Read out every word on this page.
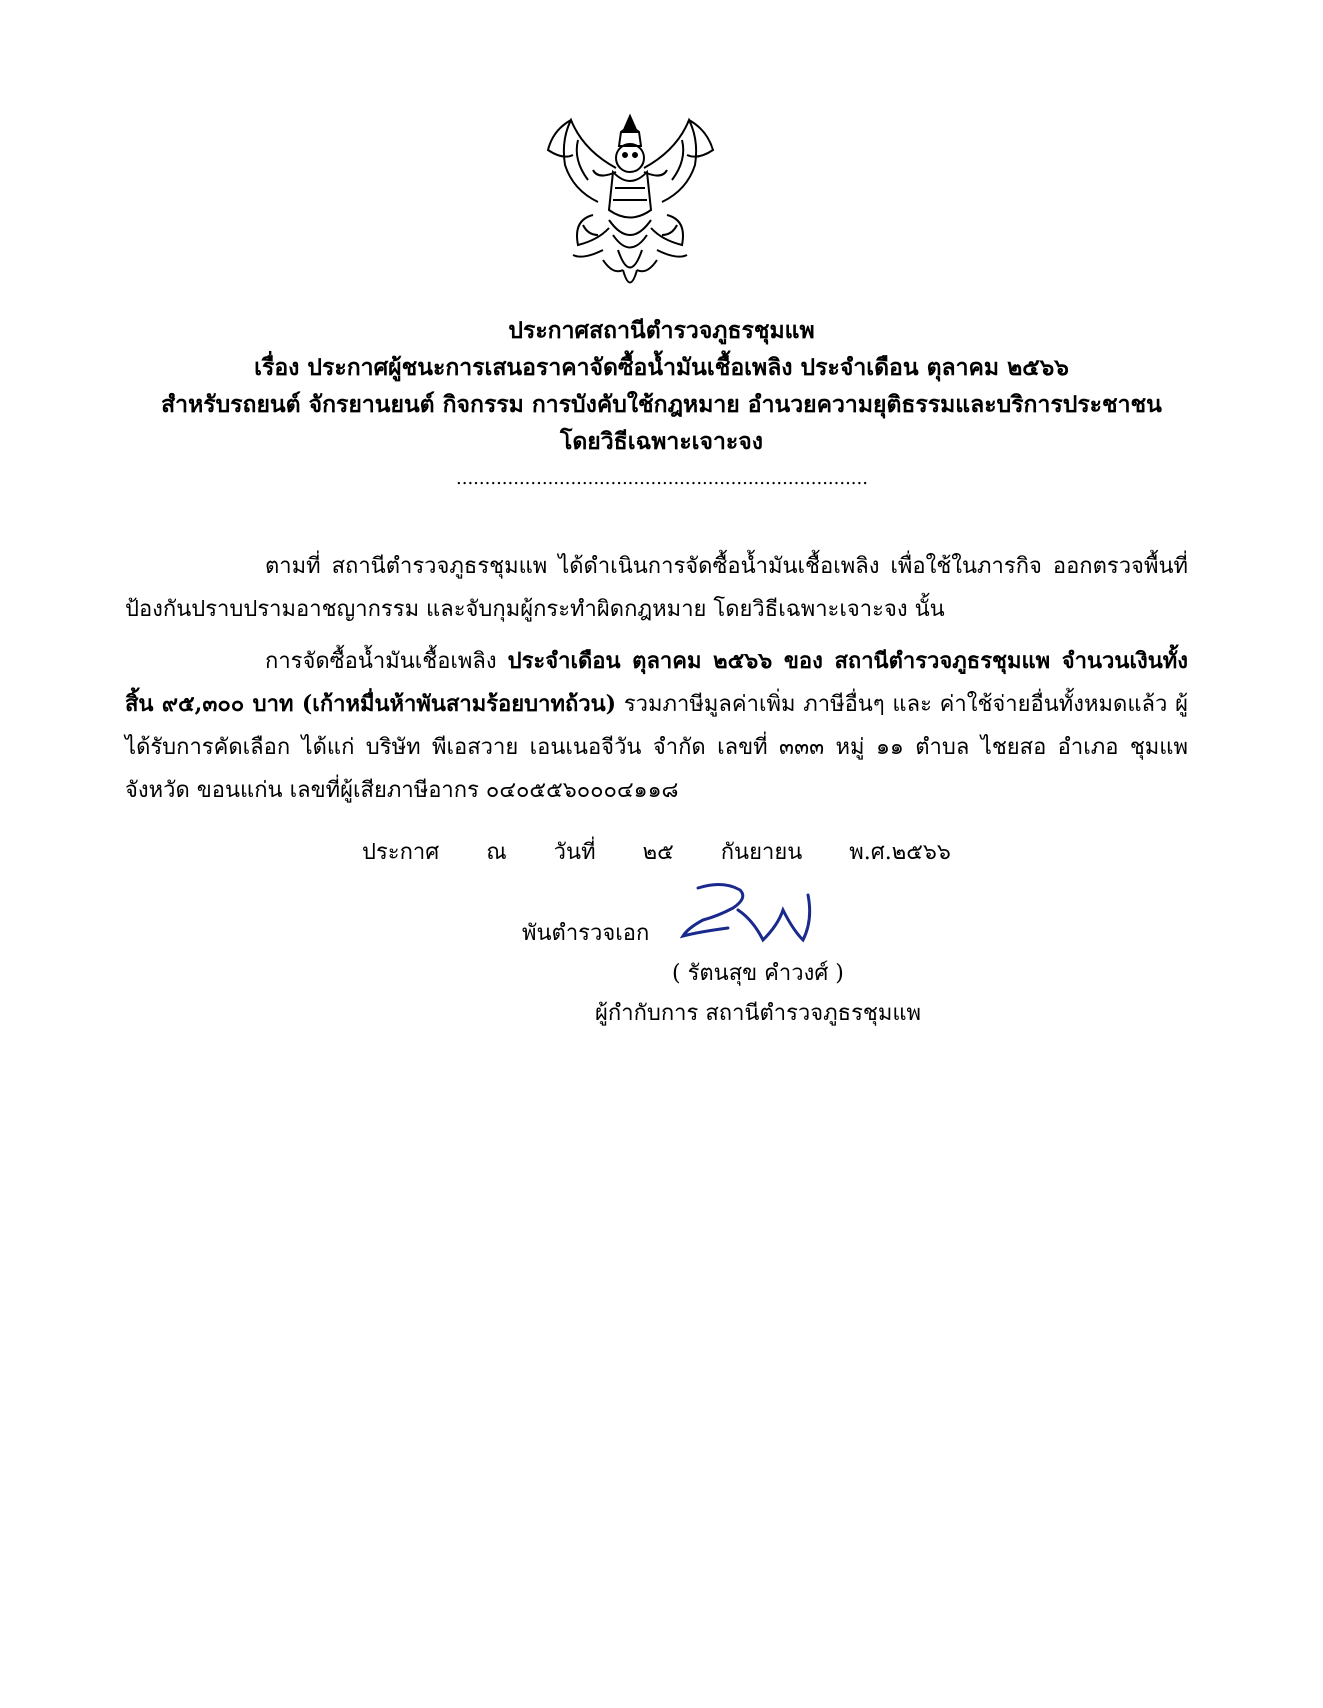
ประกาศสถานีตำรวจภูธรชุมแพ
เรื่อง ประกาศผู้ชนะการเสนอราคาจัดซื้อน้ำมันเชื้อเพลิง ประจำเดือน ตุลาคม ๒๕๖๖
สำหรับรถยนต์ จักรยานยนต์ กิจกรรม การบังคับใช้กฎหมาย อำนวยความยุติธรรมและบริการประชาชน
โดยวิธีเฉพาะเจาะจง
........................................................................
ตามที่ สถานีตำรวจภูธรชุมแพ ได้ดำเนินการจัดซื้อน้ำมันเชื้อเพลิง เพื่อใช้ในภารกิจ ออกตรวจพื้นที่ ป้องกันปราบปรามอาชญากรรม และจับกุมผู้กระทำผิดกฎหมาย โดยวิธีเฉพาะเจาะจง นั้น
การจัดซื้อน้ำมันเชื้อเพลิง ประจำเดือน ตุลาคม ๒๕๖๖ ของ สถานีตำรวจภูธรชุมแพ จำนวนเงินทั้งสิ้น ๙๕,๓๐๐ บาท (เก้าหมื่นห้าพันสามร้อยบาทถ้วน) รวมภาษีมูลค่าเพิ่ม ภาษีอื่นๆ และ ค่าใช้จ่ายอื่นทั้งหมดแล้ว ผู้ได้รับการคัดเลือก ได้แก่ บริษัท พีเอสวาย เอนเนอจีวัน จำกัด เลขที่ ๓๓๓ หมู่ ๑๑ ตำบล ไชยสอ อำเภอ ชุมแพ จังหวัด ขอนแก่น เลขที่ผู้เสียภาษีอากร ๐๔๐๕๕๖๐๐๐๔๑๑๘
ประกาศ ณ วันที่ ๒๕ กันยายน พ.ศ.๒๕๖๖
พันตำรวจเอก
( รัตนสุข คำวงศ์ )
ผู้กำกับการ สถานีตำรวจภูธรชุมแพ
